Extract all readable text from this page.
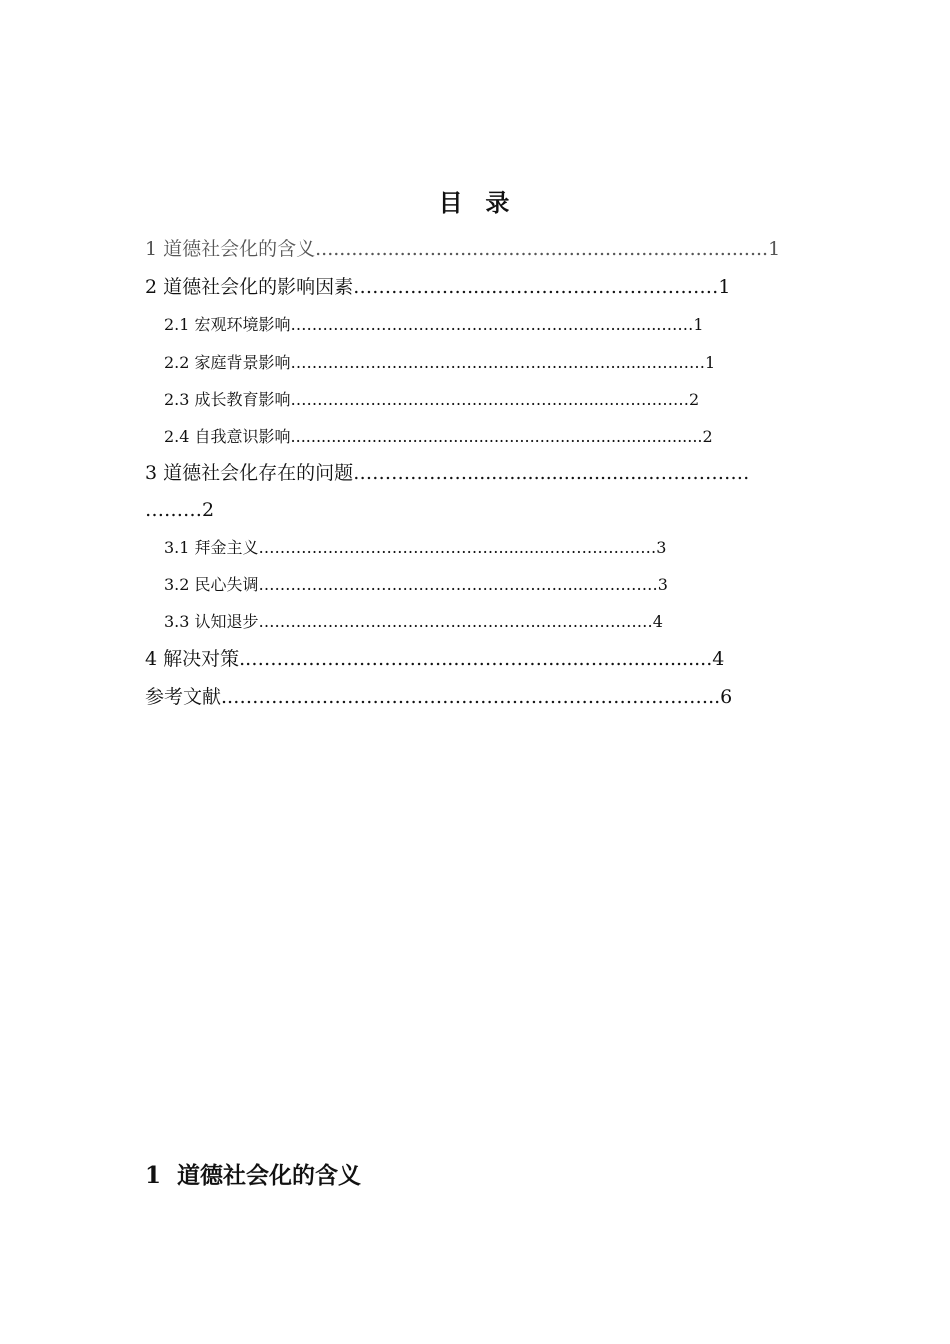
目  录
1 道德社会化的含义...........................................................................1
2 道德社会化的影响因素………………......………….…………………1
2.1 宏观环境影响……………………………………………………..........……1
2.2 家庭背景影响……………………………………………………......…………1
2.3 成长教育影响………………………………………………......……………2
2.4 自我意识影响.................................................................................2
3 道德社会化存在的问题………………...............................……………
………2
3.1 拜金主义……………………………………….........…………………3
3.2 民心失调………………………………………….………..……………3
3.3 认知退步……………………………………………..…………………4
4 解决对策..…………………………..……………......…..................4
参考文献..…………………………………………………………………..6
1  道德社会化的含义
